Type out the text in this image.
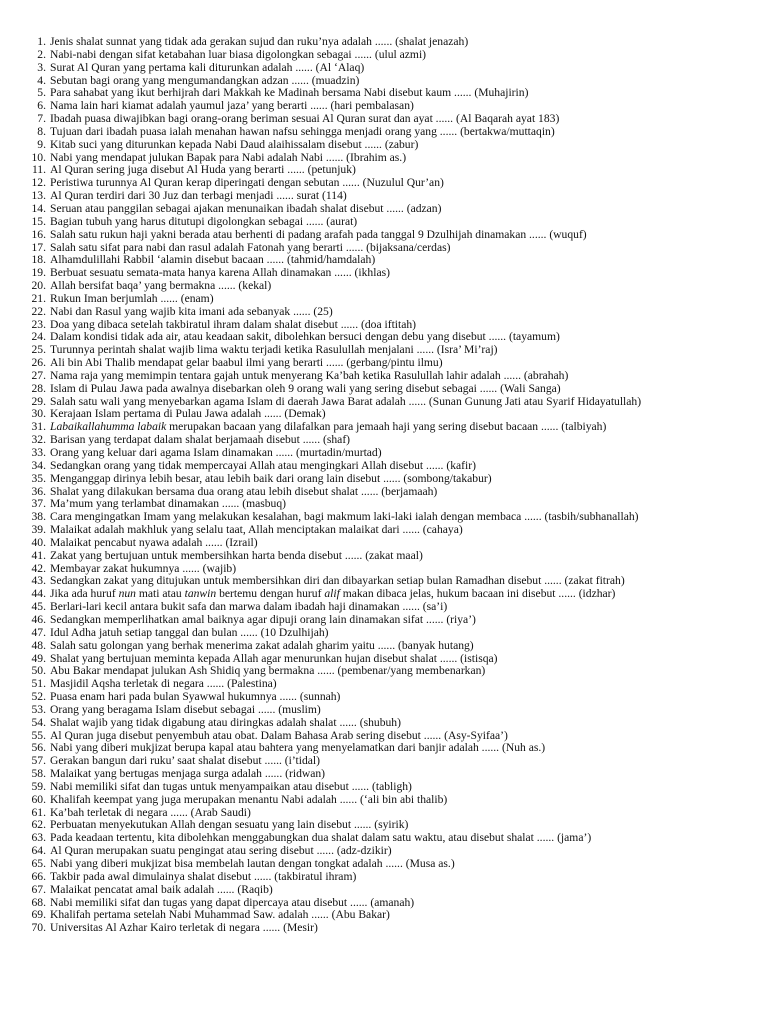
1. Jenis shalat sunnat yang tidak ada gerakan sujud dan ruku’nya adalah ...... (shalat jenazah)
2. Nabi-nabi dengan sifat ketabahan luar biasa digolongkan sebagai ...... (ulul azmi)
3. Surat Al Quran yang pertama kali diturunkan adalah ...... (Al ‘Alaq)
4. Sebutan bagi orang yang mengumandangkan adzan ...... (muadzin)
5. Para sahabat yang ikut berhijrah dari Makkah ke Madinah bersama Nabi disebut kaum ...... (Muhajirin)
6. Nama lain hari kiamat adalah yaumul jaza’ yang berarti ...... (hari pembalasan)
7. Ibadah puasa diwajibkan bagi orang-orang beriman sesuai Al Quran surat dan ayat ...... (Al Baqarah ayat 183)
8. Tujuan dari ibadah puasa ialah menahan hawan nafsu sehingga menjadi orang yang ...... (bertakwa/muttaqin)
9. Kitab suci yang diturunkan kepada Nabi Daud alaihissalam disebut ...... (zabur)
10. Nabi yang mendapat julukan Bapak para Nabi adalah Nabi ...... (Ibrahim as.)
11. Al Quran sering juga disebut Al Huda yang berarti ...... (petunjuk)
12. Peristiwa turunnya Al Quran kerap diperingati dengan sebutan ...... (Nuzulul Qur’an)
13. Al Quran terdiri dari 30 Juz dan terbagi menjadi ...... surat (114)
14. Seruan atau panggilan sebagai ajakan menunaikan ibadah shalat disebut ...... (adzan)
15. Bagian tubuh yang harus ditutupi digolongkan sebagai ...... (aurat)
16. Salah satu rukun haji yakni berada atau berhenti di padang arafah pada tanggal 9 Dzulhijah dinamakan ...... (wuquf)
17. Salah satu sifat para nabi dan rasul adalah Fatonah yang berarti ...... (bijaksana/cerdas)
18. Alhamdulillahi Rabbil ‘alamin disebut bacaan ...... (tahmid/hamdalah)
19. Berbuat sesuatu semata-mata hanya karena Allah dinamakan ...... (ikhlas)
20. Allah bersifat baqa’ yang bermakna ...... (kekal)
21. Rukun Iman berjumlah ...... (enam)
22. Nabi dan Rasul yang wajib kita imani ada sebanyak ...... (25)
23. Doa yang dibaca setelah takbiratul ihram dalam shalat disebut ...... (doa iftitah)
24. Dalam kondisi tidak ada air, atau keadaan sakit, dibolehkan bersuci dengan debu yang disebut ...... (tayamum)
25. Turunnya perintah shalat wajib lima waktu terjadi ketika Rasulullah menjalani ...... (Isra’ Mi’raj)
26. Ali bin Abi Thalib mendapat gelar baabul ilmi yang berarti ...... (gerbang/pintu ilmu)
27. Nama raja yang memimpin tentara gajah untuk menyerang Ka’bah ketika Rasulullah lahir adalah ...... (abrahah)
28. Islam di Pulau Jawa pada awalnya disebarkan oleh 9 orang wali yang sering disebut sebagai ...... (Wali Sanga)
29. Salah satu wali yang menyebarkan agama Islam di daerah Jawa Barat adalah ...... (Sunan Gunung Jati atau Syarif Hidayatullah)
30. Kerajaan Islam pertama di Pulau Jawa adalah ...... (Demak)
31. Labaikallahumma labaik merupakan bacaan yang dilafalkan para jemaah haji yang sering disebut bacaan ...... (talbiyah)
32. Barisan yang terdapat dalam shalat berjamaah disebut ...... (shaf)
33. Orang yang keluar dari agama Islam dinamakan ...... (murtadin/murtad)
34. Sedangkan orang yang tidak mempercayai Allah atau mengingkari Allah disebut ...... (kafir)
35. Menganggap dirinya lebih besar, atau lebih baik dari orang lain disebut ...... (sombong/takabur)
36. Shalat yang dilakukan bersama dua orang atau lebih disebut shalat ...... (berjamaah)
37. Ma’mum yang terlambat dinamakan ...... (masbuq)
38. Cara mengingatkan Imam yang melakukan kesalahan, bagi makmum laki-laki ialah dengan membaca ...... (tasbih/subhanallah)
39. Malaikat adalah makhluk yang selalu taat, Allah menciptakan malaikat dari ...... (cahaya)
40. Malaikat pencabut nyawa adalah ...... (Izrail)
41. Zakat yang bertujuan untuk membersihkan harta benda disebut ...... (zakat maal)
42. Membayar zakat hukumnya ...... (wajib)
43. Sedangkan zakat yang ditujukan untuk membersihkan diri dan dibayarkan setiap bulan Ramadhan disebut ...... (zakat fitrah)
44. Jika ada huruf nun mati atau tanwin bertemu dengan huruf alif makan dibaca jelas, hukum bacaan ini disebut ...... (idzhar)
45. Berlari-lari kecil antara bukit safa dan marwa dalam ibadah haji dinamakan ...... (sa’i)
46. Sedangkan memperlihatkan amal baiknya agar dipuji orang lain dinamakan sifat ...... (riya’)
47. Idul Adha jatuh setiap tanggal dan bulan ...... (10 Dzulhijah)
48. Salah satu golongan yang berhak menerima zakat adalah gharim yaitu ...... (banyak hutang)
49. Shalat yang bertujuan meminta kepada Allah agar menurunkan hujan disebut shalat ...... (istisqa)
50. Abu Bakar mendapat julukan Ash Shidiq yang bermakna ...... (pembenar/yang membenarkan)
51. Masjidil Aqsha terletak di negara ...... (Palestina)
52. Puasa enam hari pada bulan Syawwal hukumnya ...... (sunnah)
53. Orang yang beragama Islam disebut sebagai ...... (muslim)
54. Shalat wajib yang tidak digabung atau diringkas adalah shalat ...... (shubuh)
55. Al Quran juga disebut penyembuh atau obat. Dalam Bahasa Arab sering disebut ...... (Asy-Syifaa’)
56. Nabi yang diberi mukjizat berupa kapal atau bahtera yang menyelamatkan dari banjir adalah ...... (Nuh as.)
57. Gerakan bangun dari ruku’ saat shalat disebut ...... (i’tidal)
58. Malaikat yang bertugas menjaga surga adalah ...... (ridwan)
59. Nabi memiliki sifat dan tugas untuk menyampaikan atau disebut ...... (tabligh)
60. Khalifah keempat yang juga merupakan menantu Nabi adalah ...... (‘ali bin abi thalib)
61. Ka’bah terletak di negara ...... (Arab Saudi)
62. Perbuatan menyekutukan Allah dengan sesuatu yang lain disebut ...... (syirik)
63. Pada keadaan tertentu, kita dibolehkan menggabungkan dua shalat dalam satu waktu, atau disebut shalat ...... (jama’)
64. Al Quran merupakan suatu pengingat atau sering disebut ...... (adz-dzikir)
65. Nabi yang diberi mukjizat bisa membelah lautan dengan tongkat adalah ...... (Musa as.)
66. Takbir pada awal dimulainya shalat disebut ...... (takbiratul ihram)
67. Malaikat pencatat amal baik adalah ...... (Raqib)
68. Nabi memiliki sifat dan tugas yang dapat dipercaya atau disebut ...... (amanah)
69. Khalifah pertama setelah Nabi Muhammad Saw. adalah ...... (Abu Bakar)
70. Universitas Al Azhar Kairo terletak di negara ...... (Mesir)
